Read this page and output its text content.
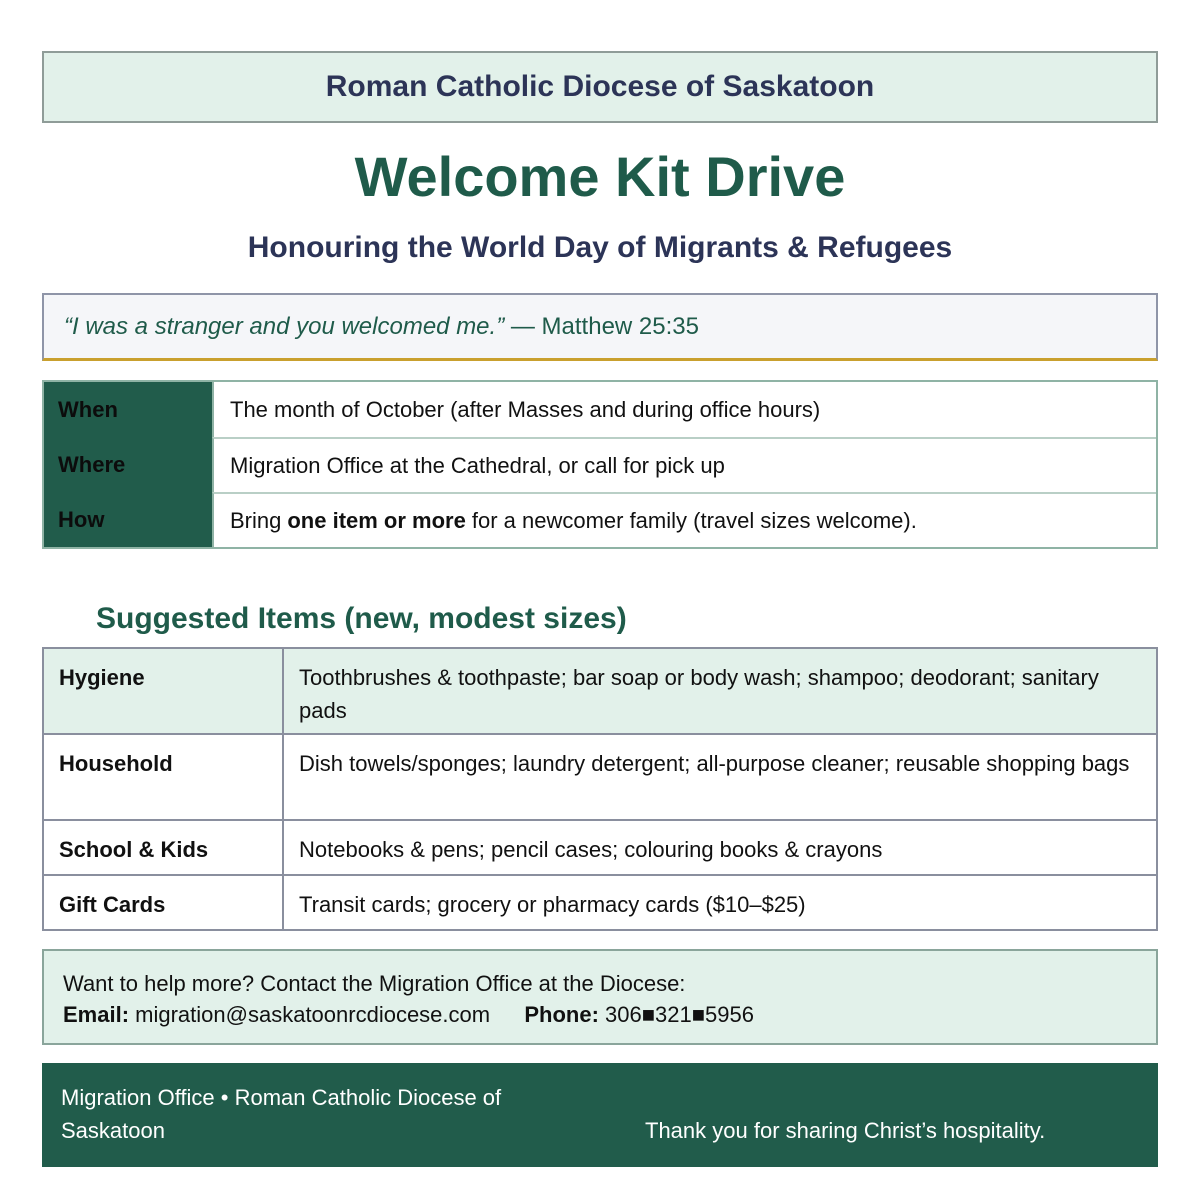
Roman Catholic Diocese of Saskatoon
Welcome Kit Drive
Honouring the World Day of Migrants & Refugees
“I was a stranger and you welcomed me.” — Matthew 25:35
When	The month of October (after Masses and during office hours)
Where	Migration Office at the Cathedral, or call for pick up
How	Bring one item or more for a newcomer family (travel sizes welcome).
Suggested Items (new, modest sizes)
Hygiene	Toothbrushes & toothpaste; bar soap or body wash; shampoo; deodorant; sanitary pads
Household	Dish towels/sponges; laundry detergent; all-purpose cleaner; reusable shopping bags
School & Kids	Notebooks & pens; pencil cases; colouring books & crayons
Gift Cards	Transit cards; grocery or pharmacy cards ($10–$25)
Want to help more? Contact the Migration Office at the Diocese:
Email: migration@saskatoonrcdiocese.com Phone: 306■321■5956
Migration Office • Roman Catholic Diocese of Saskatoon	Thank you for sharing Christ’s hospitality.
